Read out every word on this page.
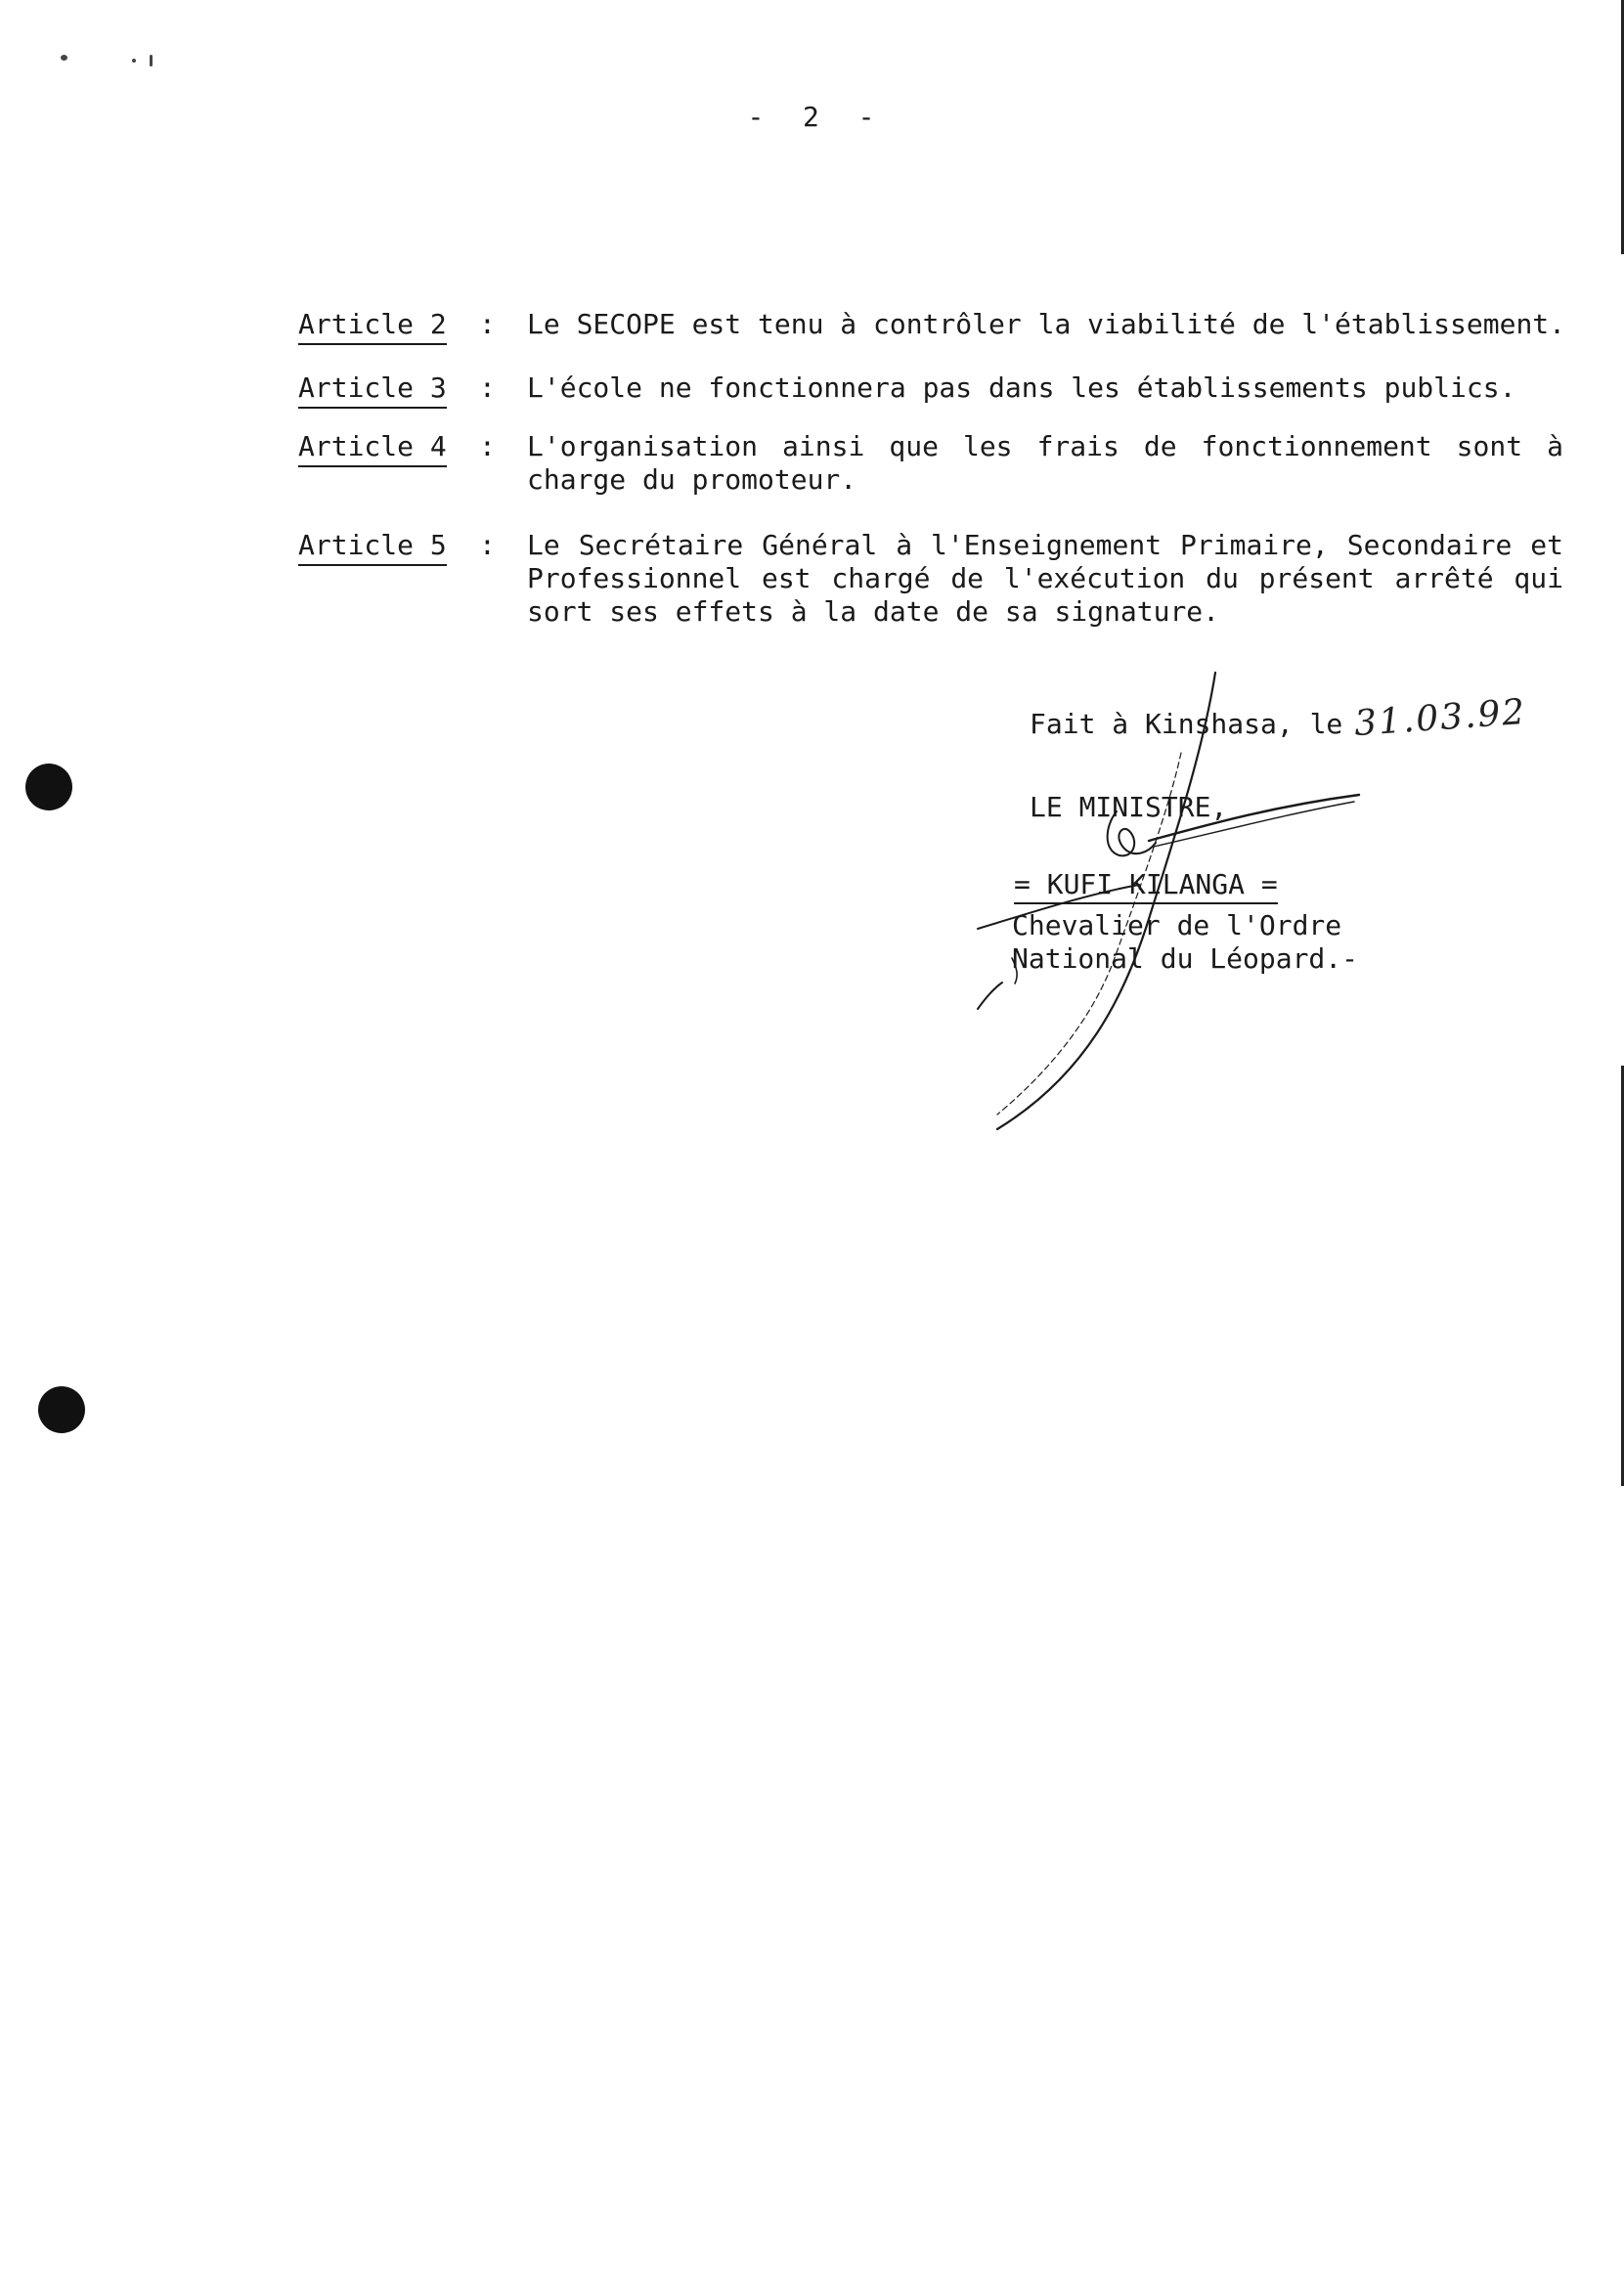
-  2  -

Article 2

:

Le SECOPE est tenu à contrôler la viabilité de l'établissement.

Article 3

:

L'école ne fonctionnera pas dans les établissements publics.

Article 4

:

L'organisation ainsi que les frais de fonctionnement sont à
charge du promoteur.

Article 5

:

Le Secrétaire Général à l'Enseignement Primaire, Secondaire et
Professionnel est chargé de l'exécution du présent arrêté qui
sort ses effets à la date de sa signature.

Fait à Kinshasa, le 31.03.92
LE MINISTRE,
= KUFI KILANGA =
Chevalier de l'Ordre
National du Léopard.-
